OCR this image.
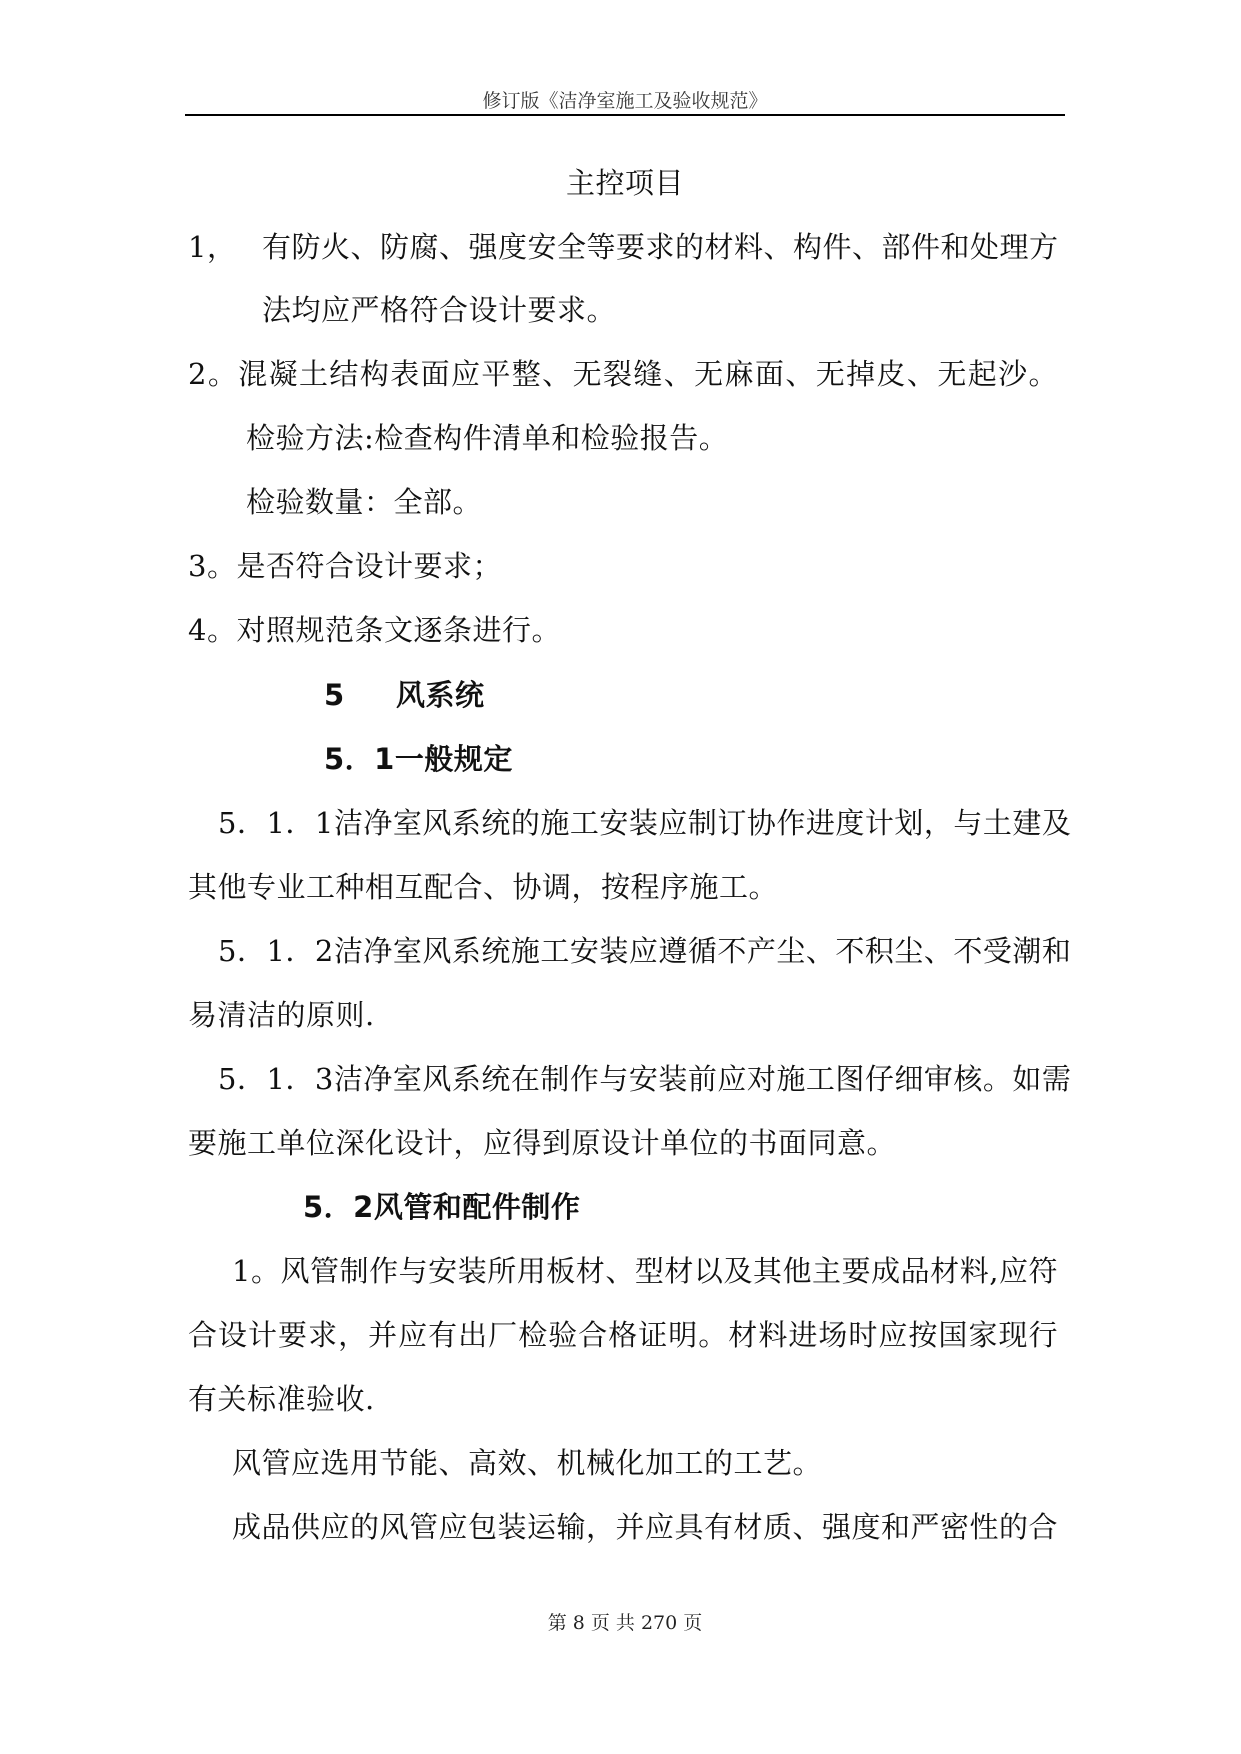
修订版《洁净室施工及验收规范》
主控项目
1， 有防火、防腐、强度安全等要求的材料、构件、部件和处理方
法均应严格符合设计要求。
2。混凝土结构表面应平整、无裂缝、无麻面、无掉皮、无起沙。
检验方法:检查构件清单和检验报告。
检验数量：全部。
3。是否符合设计要求；
4。对照规范条文逐条进行。
5 风系统
5．1一般规定
5．1．1洁净室风系统的施工安装应制订协作进度计划，与土建及
其他专业工种相互配合、协调，按程序施工。
5．1．2洁净室风系统施工安装应遵循不产尘、不积尘、不受潮和
易清洁的原则.
5．1．3洁净室风系统在制作与安装前应对施工图仔细审核。如需
要施工单位深化设计，应得到原设计单位的书面同意。
5．2风管和配件制作
1。风管制作与安装所用板材、型材以及其他主要成品材料,应符
合设计要求，并应有出厂检验合格证明。材料进场时应按国家现行
有关标准验收.
风管应选用节能、高效、机械化加工的工艺。
成品供应的风管应包装运输，并应具有材质、强度和严密性的合
第 8 页 共 270 页
